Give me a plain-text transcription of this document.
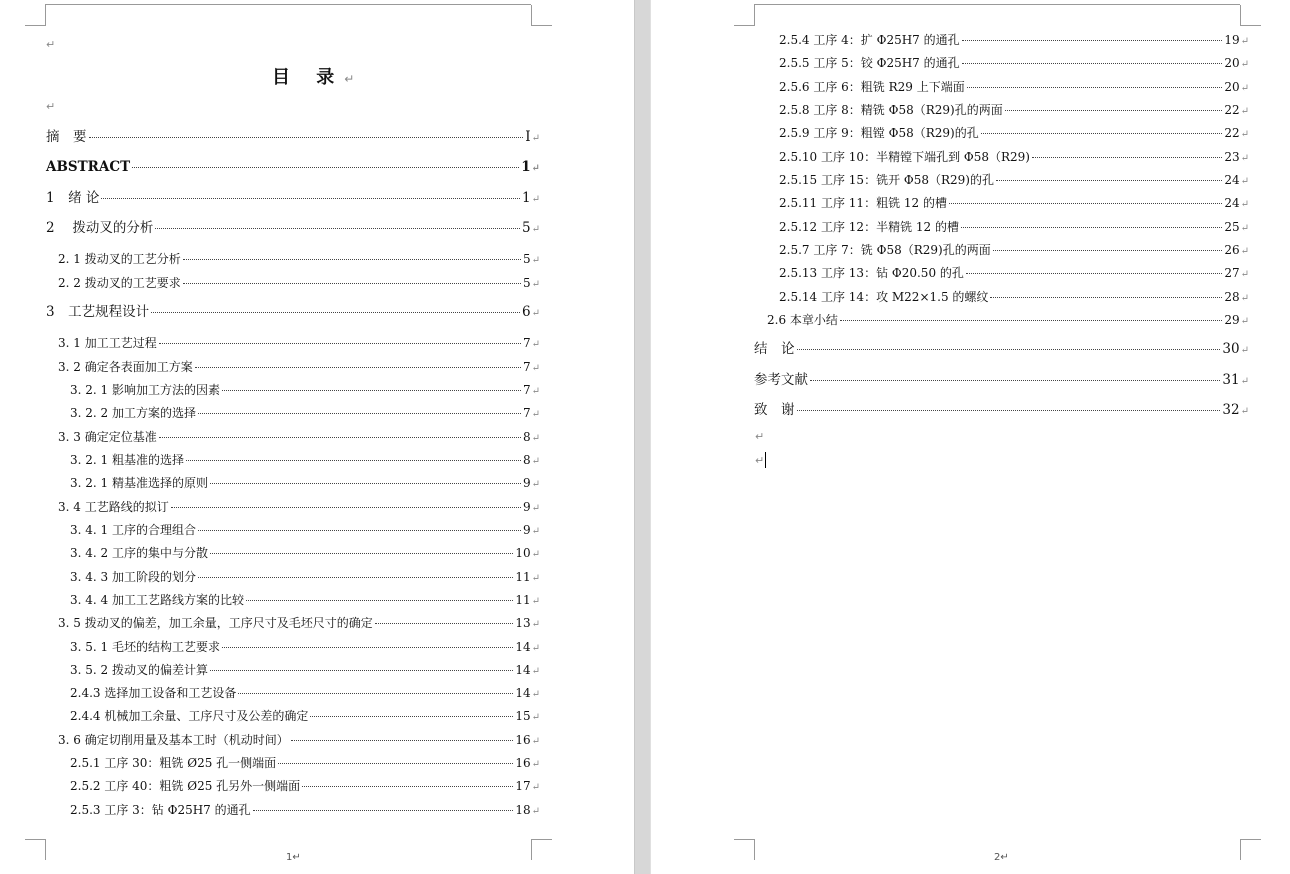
↵
目 录↵
↵
摘　要	I ↵
ABSTRACT	1 ↵
1　绪 论	1 ↵
2　 拨动叉的分析	5 ↵
2. 1 拨动叉的工艺分析	5 ↵
2. 2 拨动叉的工艺要求	5 ↵
3　工艺规程设计	6 ↵
3. 1 加工工艺过程	7 ↵
3. 2 确定各表面加工方案	7 ↵
3. 2. 1 影响加工方法的因素	7 ↵
3. 2. 2 加工方案的选择	7 ↵
3. 3 确定定位基准	8 ↵
3. 2. 1 粗基准的选择	8 ↵
3. 2. 1 精基准选择的原则	9 ↵
3. 4 工艺路线的拟订	9 ↵
3. 4. 1 工序的合理组合	9 ↵
3. 4. 2 工序的集中与分散	10 ↵
3. 4. 3 加工阶段的划分	11 ↵
3. 4. 4 加工工艺路线方案的比较	11 ↵
3. 5 拨动叉的偏差，加工余量，工序尺寸及毛坯尺寸的确定	13 ↵
3. 5. 1 毛坯的结构工艺要求	14 ↵
3. 5. 2 拨动叉的偏差计算	14 ↵
2.4.3 选择加工设备和工艺设备	14 ↵
2.4.4 机械加工余量、工序尺寸及公差的确定	15 ↵
3. 6 确定切削用量及基本工时（机动时间）	16 ↵
2.5.1 工序 30：粗铣 Ø25 孔一侧端面	16 ↵
2.5.2 工序 40：粗铣 Ø25 孔另外一侧端面	17 ↵
2.5.3 工序 3：钻 Φ25H7 的通孔	18 ↵
1↵
2.5.4 工序 4：扩 Φ25H7 的通孔	19 ↵
2.5.5 工序 5：铰 Φ25H7 的通孔	20 ↵
2.5.6 工序 6：粗铣 R29 上下端面	20 ↵
2.5.8 工序 8：精铣 Φ58（R29)孔的两面	22 ↵
2.5.9 工序 9：粗镗 Φ58（R29)的孔	22 ↵
2.5.10 工序 10：半精镗下端孔到 Φ58（R29)	23 ↵
2.5.15 工序 15：铣开 Φ58（R29)的孔	24 ↵
2.5.11 工序 11：粗铣 12 的槽	24 ↵
2.5.12 工序 12：半精铣 12 的槽	25 ↵
2.5.7 工序 7：铣 Φ58（R29)孔的两面	26 ↵
2.5.13 工序 13：钻 Φ20.50 的孔	27 ↵
2.5.14 工序 14：攻 M22×1.5 的螺纹	28 ↵
2.6 本章小结	29 ↵
结　论	30 ↵
参考文献	31 ↵
致　谢	32 ↵
↵
↵
2↵
